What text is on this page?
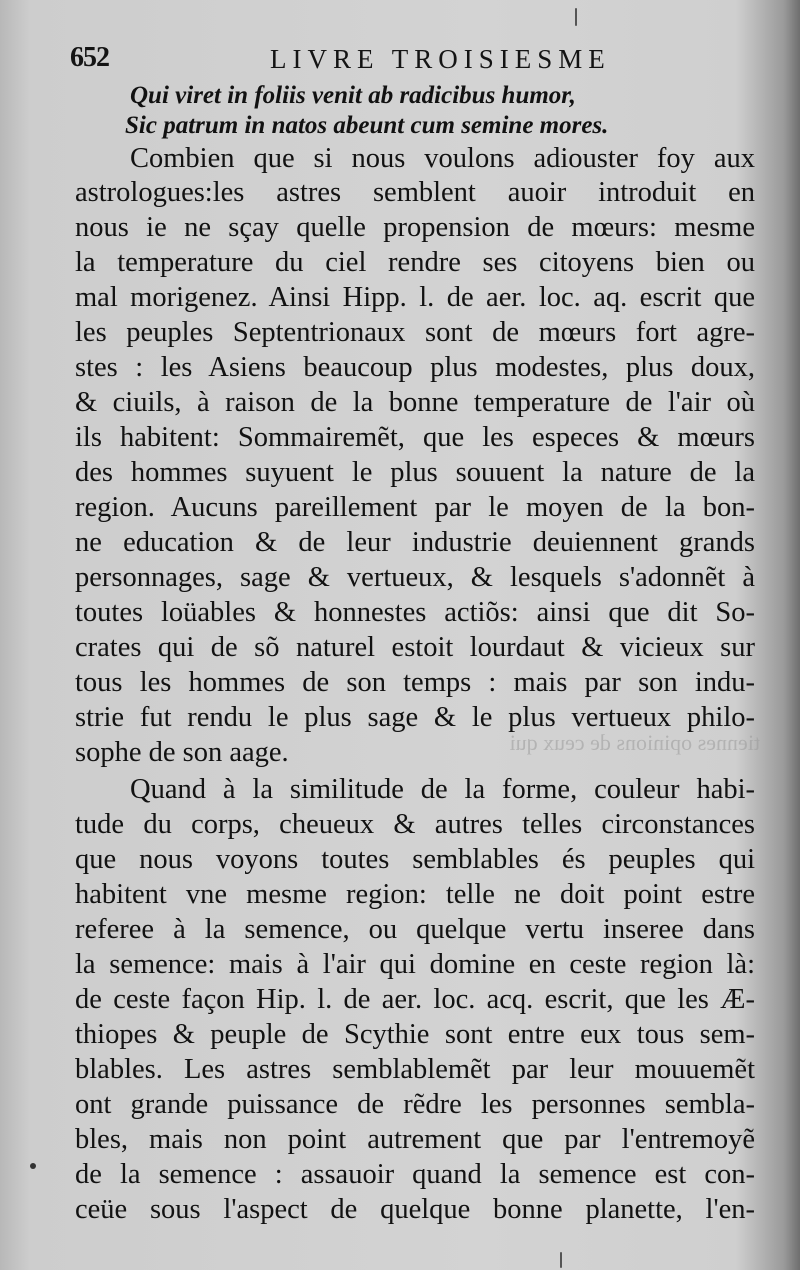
652	LIVRE TROISIESME
Qui viret in foliis venit ab radicibus humor,
Sic patrum in natos abeunt cum semine mores.
Combien que si nous voulons adiouster foy aux
astrologues:les astres semblent auoir introduit en
nous ie ne sçay quelle propension de mœurs: mesme
la temperature du ciel rendre ses citoyens bien ou
mal morigenez. Ainsi Hipp. l. de aer. loc. aq. escrit que
les peuples Septentrionaux sont de mœurs fort agre-
stes : les Asiens beaucoup plus modestes, plus doux,
& ciuils, à raison de la bonne temperature de l'air où
ils habitent: Sommairemẽt, que les especes & mœurs
des hommes suyuent le plus souuent la nature de la
region. Aucuns pareillement par le moyen de la bon-
ne education & de leur industrie deuiennent grands
personnages, sage & vertueux, & lesquels s'adonnẽt à
toutes loüables & honnestes actiõs: ainsi que dit So-
crates qui de sõ naturel estoit lourdaut & vicieux sur
tous les hommes de son temps : mais par son indu-
strie fut rendu le plus sage & le plus vertueux philo-
sophe de son aage.	tiennes opinions de ceux qui
Quand à la similitude de la forme, couleur habi-
tude du corps, cheueux & autres telles circonstances
que nous voyons toutes semblables és peuples qui
habitent vne mesme region: telle ne doit point estre
referee à la semence, ou quelque vertu inseree dans
la semence: mais à l'air qui domine en ceste region là:
de ceste façon Hip. l. de aer. loc. acq. escrit, que les Æ-
thiopes & peuple de Scythie sont entre eux tous sem-
blables. Les astres semblablemẽt par leur mouuemẽt
ont grande puissance de rẽdre les personnes sembla-
bles, mais non point autrement que par l'entremoyẽ
de la semence : assauoir quand la semence est con-
ceüe sous l'aspect de quelque bonne planette, l'en-
